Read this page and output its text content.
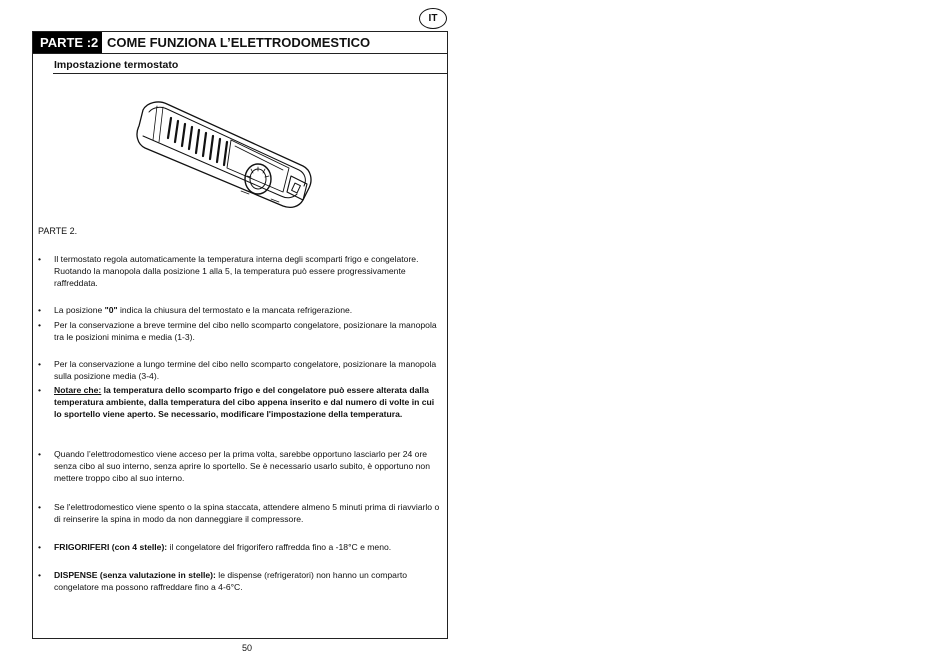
IT
PARTE :2 COME FUNZIONA L’ELETTRODOMESTICO
Impostazione termostato
PARTE 2.
•	Il termostato regola automaticamente la temperatura interna degli scomparti frigo e congelatore. Ruotando la manopola dalla posizione 1 alla 5, la temperatura può essere progressivamente raffreddata.
•	La posizione "0" indica la chiusura del termostato e la mancata refrigerazione.
•	Per la conservazione a breve termine del cibo nello scomparto congelatore, posizionare la manopola tra le posizioni minima e media (1-3).
•	Per la conservazione a lungo termine del cibo nello scomparto congelatore, posizionare la manopola sulla posizione media (3-4).
•	Notare che: la temperatura dello scomparto frigo e del congelatore può essere alterata dalla temperatura ambiente, dalla temperatura del cibo appena inserito e dal numero di volte in cui lo sportello viene aperto. Se necessario, modificare l'impostazione della temperatura.
•	Quando l’elettrodomestico viene acceso per la prima volta, sarebbe opportuno lasciarlo per 24 ore senza cibo al suo interno, senza aprire lo sportello. Se è necessario usarlo subito, è opportuno non mettere troppo cibo al suo interno.
•	Se l'elettrodomestico viene spento o la spina staccata, attendere almeno 5 minuti prima di riavviarlo o di reinserire la spina in modo da non danneggiare il compressore.
•	FRIGORIFERI (con 4 stelle): il congelatore del frigorifero raffredda fino a -18°C e meno.
•	DISPENSE (senza valutazione in stelle): le dispense (refrigeratori) non hanno un comparto congelatore ma possono raffreddare fino a 4-6°C.
50
